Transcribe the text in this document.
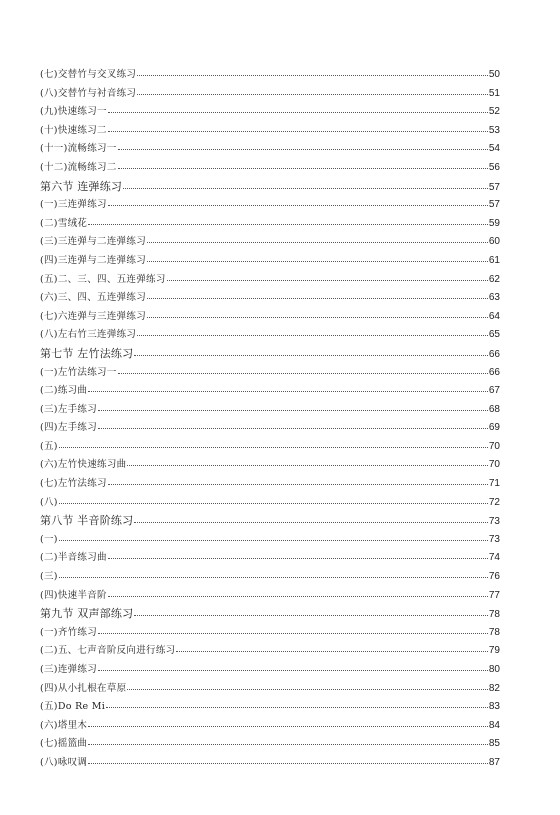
(七)交替竹与交叉练习	50
(八)交替竹与衬音练习	51
(九)快速练习一	52
(十)快速练习二	53
(十一)流畅练习一	54
(十二)流畅练习二	56
第六节 连弹练习	57
(一)三连弹练习	57
(二)雪绒花	59
(三)三连弹与二连弹练习	60
(四)三连弹与二连弹练习	61
(五)二、三、四、五连弹练习	62
(六)三、四、五连弹练习	63
(七)六连弹与三连弹练习	64
(八)左右竹三连弹练习	65
第七节 左竹法练习	66
(一)左竹法练习一	66
(二)练习曲	67
(三)左手练习	68
(四)左手练习	69
(五)	70
(六)左竹快速练习曲	70
(七)左竹法练习	71
(八)	72
第八节 半音阶练习	73
(一)	73
(二)半音练习曲	74
(三)	76
(四)快速半音阶	77
第九节 双声部练习	78
(一)齐竹练习	78
(二)五、七声音阶反向进行练习	79
(三)连弹练习	80
(四)从小扎根在草原	82
(五)Do Re Mi	83
(六)塔里木	84
(七)摇篮曲	85
(八)咏叹调	87
